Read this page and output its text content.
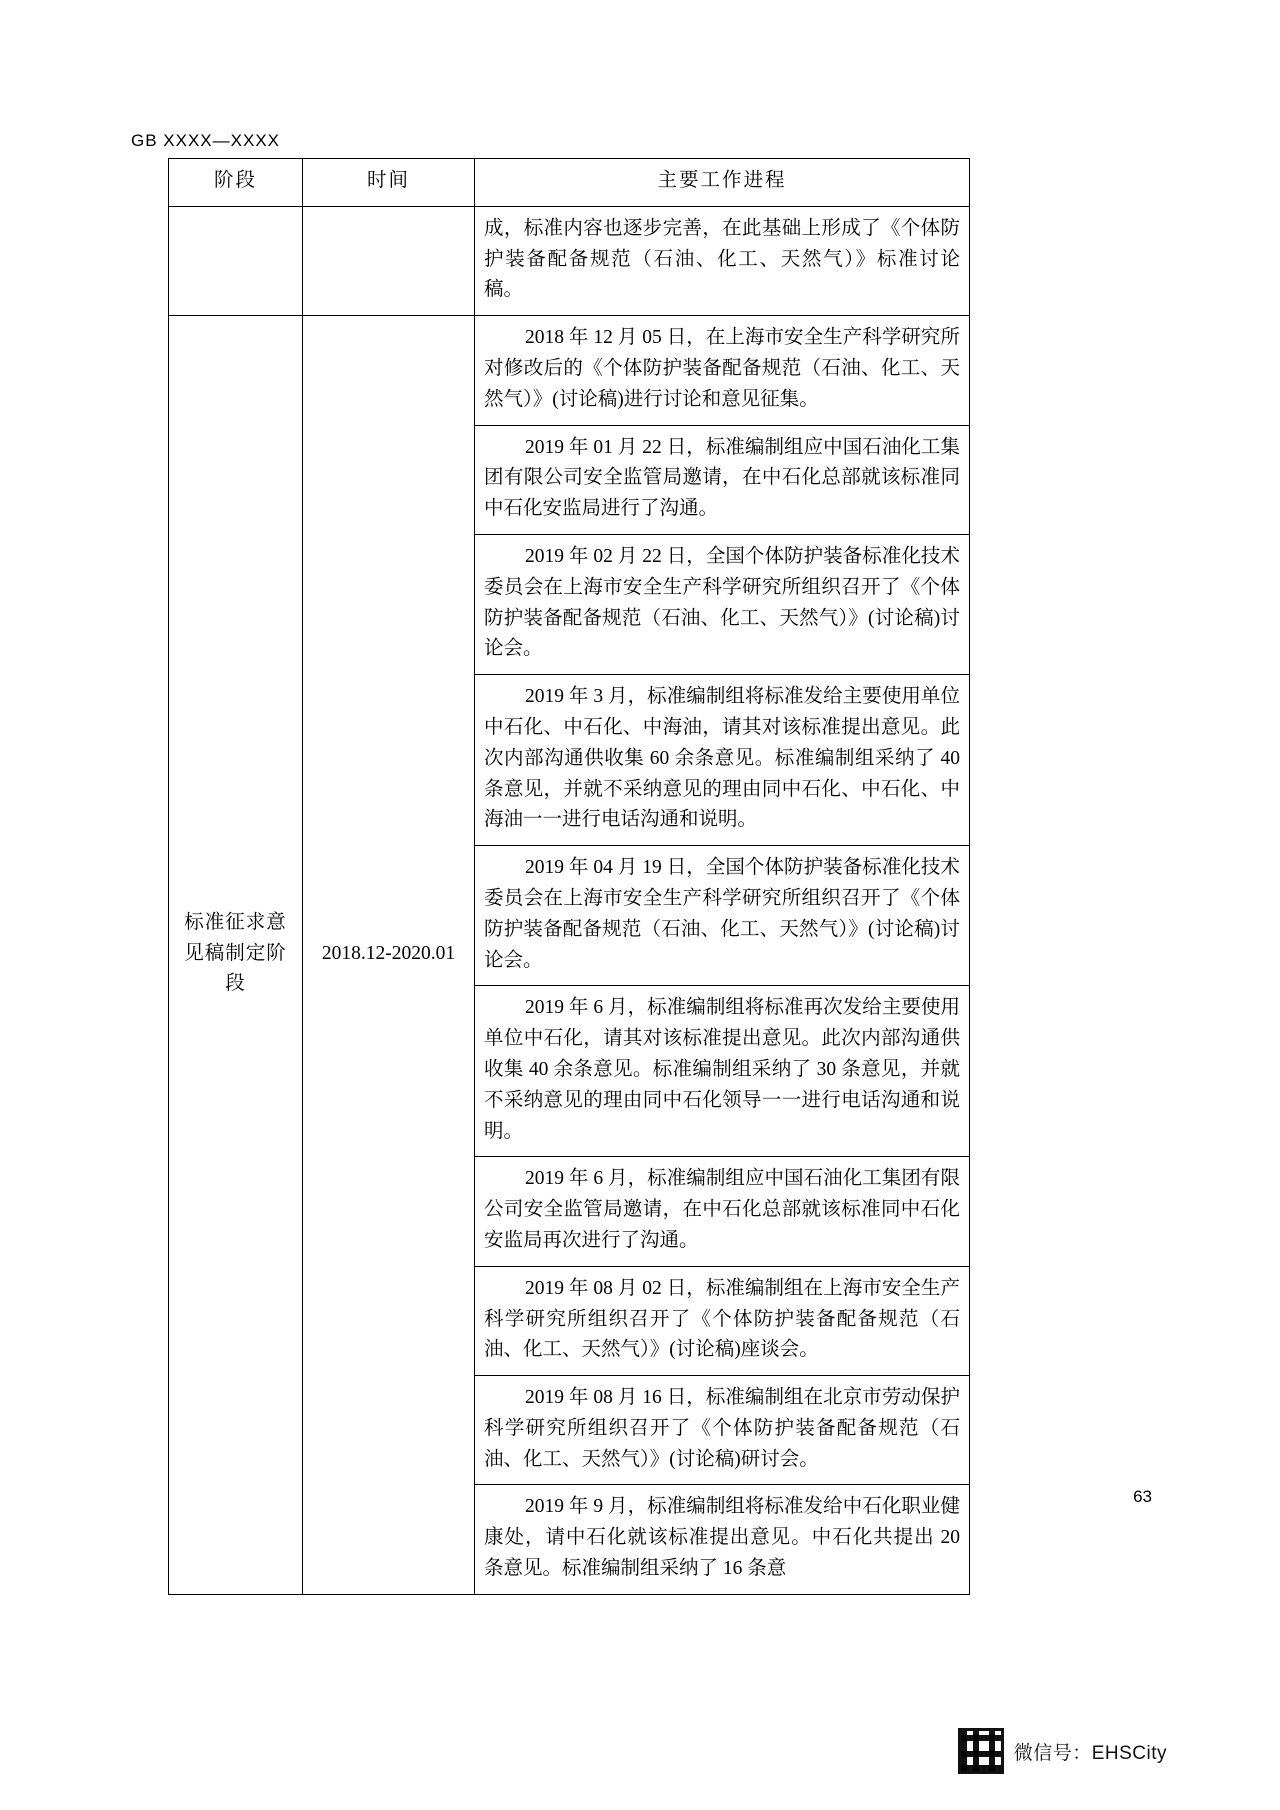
GB XXXX—XXXX
阶段	时间	主要工作进程

		成，标准内容也逐步完善，在此基础上形成了《个体防护装备配备规范（石油、化工、天然气）》标准讨论稿。

标准征求意见稿制定阶段	2018.12-2020.01	2018 年 12 月 05 日，在上海市安全生产科学研究所对修改后的《个体防护装备配备规范（石油、化工、天然气）》(讨论稿)进行讨论和意见征集。

		2019 年 01 月 22 日，标准编制组应中国石油化工集团有限公司安全监管局邀请，在中石化总部就该标准同中石化安监局进行了沟通。

		2019 年 02 月 22 日，全国个体防护装备标准化技术委员会在上海市安全生产科学研究所组织召开了《个体防护装备配备规范（石油、化工、天然气）》(讨论稿)讨论会。

		2019 年 3 月，标准编制组将标准发给主要使用单位中石化、中石化、中海油，请其对该标准提出意见。此次内部沟通供收集 60 余条意见。标准编制组采纳了 40 条意见，并就不采纳意见的理由同中石化、中石化、中海油一一进行电话沟通和说明。

		2019 年 04 月 19 日，全国个体防护装备标准化技术委员会在上海市安全生产科学研究所组织召开了《个体防护装备配备规范（石油、化工、天然气）》(讨论稿)讨论会。

		2019 年 6 月，标准编制组将标准再次发给主要使用单位中石化，请其对该标准提出意见。此次内部沟通供收集 40 余条意见。标准编制组采纳了 30 条意见，并就不采纳意见的理由同中石化领导一一进行电话沟通和说明。

		2019 年 6 月，标准编制组应中国石油化工集团有限公司安全监管局邀请，在中石化总部就该标准同中石化安监局再次进行了沟通。

		2019 年 08 月 02 日，标准编制组在上海市安全生产科学研究所组织召开了《个体防护装备配备规范（石油、化工、天然气）》(讨论稿)座谈会。

		2019 年 08 月 16 日，标准编制组在北京市劳动保护科学研究所组织召开了《个体防护装备配备规范（石油、化工、天然气）》(讨论稿)研讨会。

		2019 年 9 月，标准编制组将标准发给中石化职业健康处，请中石化就该标准提出意见。中石化共提出 20 条意见。标准编制组采纳了 16 条意

63
微信号：EHSCity
